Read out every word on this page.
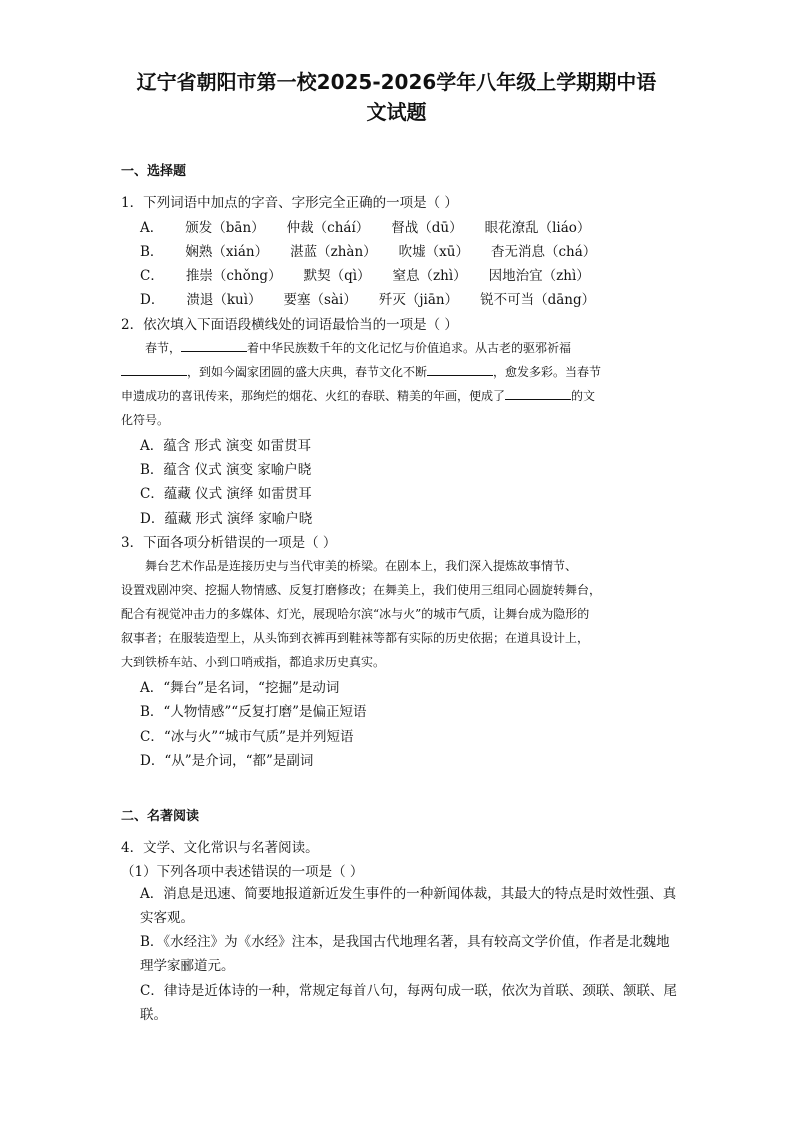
辽宁省朝阳市第一校2025-2026学年八年级上学期期中语
文试题
一、选择题
1．下列词语中加点的字音、字形完全正确的一项是（ ）
A． 颁发（bān） 仲裁（cháí） 督战（dū） 眼花潦乱（liáo）
B． 娴熟（xián） 湛蓝（zhàn） 吹墟（xū） 杳无消息（chá）
C． 推崇（chǒng） 默契（qì） 窒息（zhì） 因地治宜（zhì）
D． 溃退（kuì） 要塞（sài） 歼灭（jiān） 锐不可当（dāng）
2．依次填入下面语段横线处的词语最恰当的一项是（ ）
　　春节，	着中华民族数千年的文化记忆与价值追求。从古老的驱邪祈福
，到如今阖家团圆的盛大庆典，春节文化不断	，愈发多彩。当春节
申遗成功的喜讯传来，那绚烂的烟花、火红的春联、精美的年画，便成了	的文
化符号。
A．蕴含 形式 演变 如雷贯耳
B．蕴含 仪式 演变 家喻户晓
C．蕴藏 仪式 演绎 如雷贯耳
D．蕴藏 形式 演绎 家喻户晓
3．下面各项分析错误的一项是（ ）
　　舞台艺术作品是连接历史与当代审美的桥梁。在剧本上，我们深入提炼故事情节、
设置戏剧冲突、挖掘人物情感、反复打磨修改；在舞美上，我们使用三组同心圆旋转舞台，
配合有视觉冲击力的多媒体、灯光，展现哈尔滨“冰与火”的城市气质，让舞台成为隐形的
叙事者；在服装造型上，从头饰到衣裤再到鞋袜等都有实际的历史依据；在道具设计上，
大到铁桥车站、小到口哨戒指，都追求历史真实。
A．“舞台”是名词，“挖掘”是动词
B．“人物情感”“反复打磨”是偏正短语
C．“冰与火”“城市气质”是并列短语
D．“从”是介词，“都”是副词
二、名著阅读
4．文学、文化常识与名著阅读。
（1）下列各项中表述错误的一项是（ ）
A．消息是迅速、简要地报道新近发生事件的一种新闻体裁，其最大的特点是时效性强、真实客观。
B．《水经注》为《水经》注本，是我国古代地理名著，具有较高文学价值，作者是北魏地理学家郦道元。
C．律诗是近体诗的一种，常规定每首八句，每两句成一联，依次为首联、颈联、颔联、尾联。
